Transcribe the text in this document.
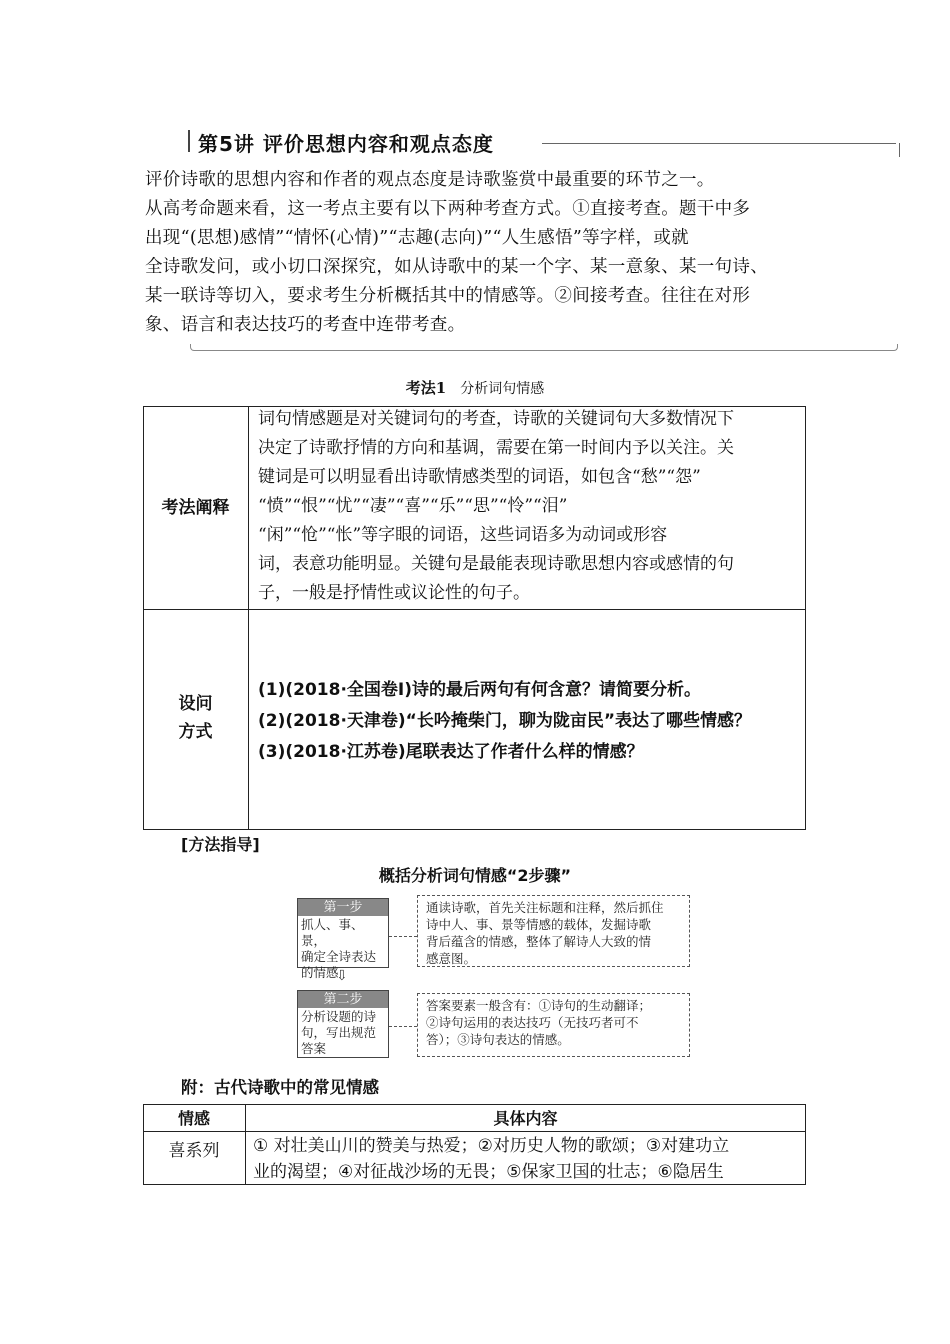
第5讲 评价思想内容和观点态度
评价诗歌的思想内容和作者的观点态度是诗歌鉴赏中最重要的环节之一。
从高考命题来看，这一考点主要有以下两种考查方式。①直接考查。题干中多
出现“(思想)感情”“情怀(心情)”“志趣(志向)”“人生感悟”等字样，或就
全诗歌发问，或小切口深探究，如从诗歌中的某一个字、某一意象、某一句诗、
某一联诗等切入，要求考生分析概括其中的情感等。②间接考查。往往在对形
象、语言和表达技巧的考查中连带考查。
考法1 分析词句情感
考法阐释
词句情感题是对关键词句的考查，诗歌的关键词句大多数情况下
决定了诗歌抒情的方向和基调，需要在第一时间内予以关注。关
键词是可以明显看出诗歌情感类型的词语，如包含“愁”“怨”
“愤”“恨”“忧”“凄”“喜”“乐”“思”“怜”“泪”
“闲”“怆”“怅”等字眼的词语，这些词语多为动词或形容
词，表意功能明显。关键句是最能表现诗歌思想内容或感情的句
子，一般是抒情性或议论性的句子。
设问
方式
(1)(2018·全国卷Ⅰ)诗的最后两句有何含意？请简要分析。
(2)(2018·天津卷)“长吟掩柴门，聊为陇亩民”表达了哪些情感？
(3)(2018·江苏卷)尾联表达了作者什么样的情感？
[方法指导]
概括分析词句情感“2步骤”
第一步
抓人、事、景，
确定全诗表达
的情感
通读诗歌，首先关注标题和注释，然后抓住
诗中人、事、景等情感的载体，发掘诗歌
背后蕴含的情感，整体了解诗人大致的情
感意图。
⇩
第二步
分析设题的诗
句，写出规范
答案
答案要素一般含有：①诗句的生动翻译；
②诗句运用的表达技巧（无技巧者可不
答）；③诗句表达的情感。
附：古代诗歌中的常见情感
情感	具体内容
喜系列	① 对壮美山川的赞美与热爱；②对历史人物的歌颂；③对建功立
业的渴望；④对征战沙场的无畏；⑤保家卫国的壮志；⑥隐居生
